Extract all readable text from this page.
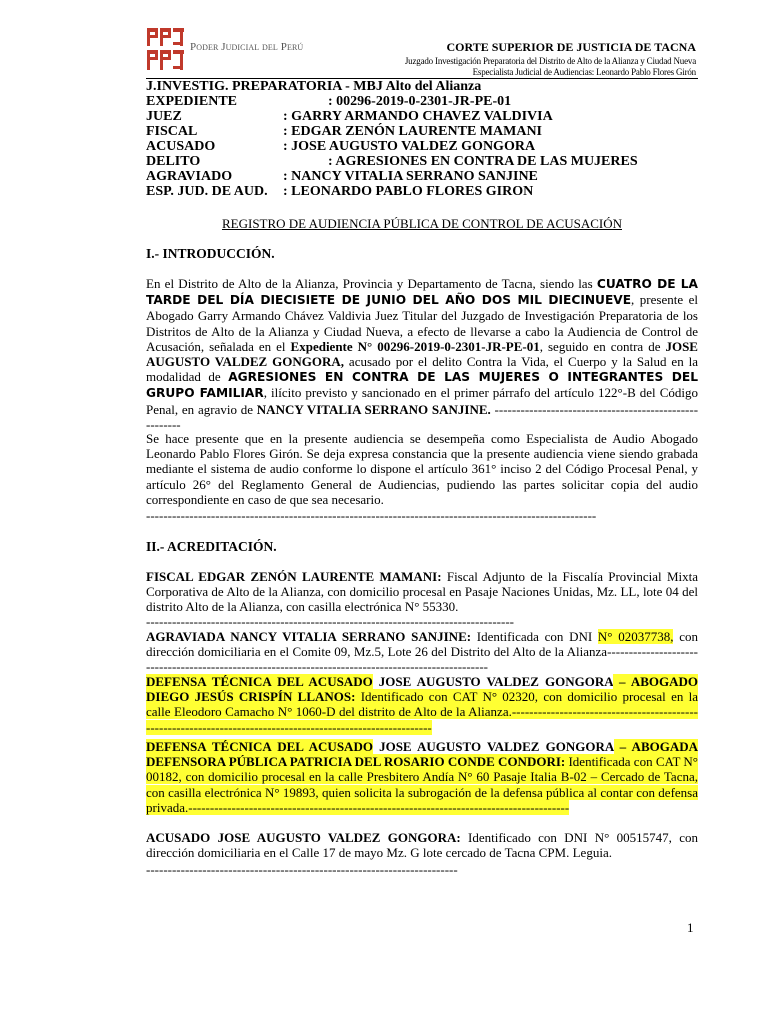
Poder Judicial del Perú	CORTE SUPERIOR DE JUSTICIA DE TACNA
Juzgado Investigación Preparatoria del Distrito de Alto de la Alianza y Ciudad Nueva
Especialista Judicial de Audiencias: Leonardo Pablo Flores Girón
J.INVESTIG. PREPARATORIA - MBJ Alto del Alianza
EXPEDIENTE	: 00296-2019-0-2301-JR-PE-01
JUEZ	: GARRY ARMANDO CHAVEZ VALDIVIA
FISCAL	: EDGAR ZENÓN LAURENTE MAMANI
ACUSADO	: JOSE AUGUSTO VALDEZ GONGORA
DELITO	: AGRESIONES EN CONTRA DE LAS MUJERES
AGRAVIADO	: NANCY VITALIA SERRANO SANJINE
ESP. JUD. DE AUD. : LEONARDO PABLO FLORES GIRON
REGISTRO DE AUDIENCIA PÚBLICA DE CONTROL DE ACUSACIÓN
I.- INTRODUCCIÓN.
En el Distrito de Alto de la Alianza, Provincia y Departamento de Tacna, siendo las CUATRO DE LA TARDE DEL DÍA DIECISIETE DE JUNIO DEL AÑO DOS MIL DIECINUEVE, presente el Abogado Garry Armando Chávez Valdivia Juez Titular del Juzgado de Investigación Preparatoria de los Distritos de Alto de la Alianza y Ciudad Nueva, a efecto de llevarse a cabo la Audiencia de Control de Acusación, señalada en el Expediente N° 00296-2019-0-2301-JR-PE-01, seguido en contra de JOSE AUGUSTO VALDEZ GONGORA, acusado por el delito Contra la Vida, el Cuerpo y la Salud en la modalidad de AGRESIONES EN CONTRA DE LAS MUJERES O INTEGRANTES DEL GRUPO FAMILIAR, ilícito previsto y sancionado en el primer párrafo del artículo 122°-B del Código Penal, en agravio de NANCY VITALIA SERRANO SANJINE. -------------------------------------------------------
Se hace presente que en la presente audiencia se desempeña como Especialista de Audio Abogado Leonardo Pablo Flores Girón. Se deja expresa constancia que la presente audiencia viene siendo grabada mediante el sistema de audio conforme lo dispone el artículo 361° inciso 2 del Código Procesal Penal, y artículo 26° del Reglamento General de Audiencias, pudiendo las partes solicitar copia del audio correspondiente en caso de que sea necesario.
--------------------------------------------------------------------------------------------------------
II.- ACREDITACIÓN.
FISCAL EDGAR ZENÓN LAURENTE MAMANI: Fiscal Adjunto de la Fiscalía Provincial Mixta Corporativa de Alto de la Alianza, con domicilio procesal en Pasaje Naciones Unidas, Mz. LL, lote 04 del distrito Alto de la Alianza, con casilla electrónica N° 55330.
-------------------------------------------------------------------------------------
AGRAVIADA NANCY VITALIA SERRANO SANJINE: Identificada con DNI N° 02037738, con dirección domiciliaria en el Comite 09, Mz.5, Lote 26 del Distrito del Alto de la Alianza----------------------------------------------------------------------------------------------------
DEFENSA TÉCNICA DEL ACUSADO JOSE AUGUSTO VALDEZ GONGORA – ABOGADO DIEGO JESÚS CRISPÍN LLANOS: Identificado con CAT N° 02320, con domicilio procesal en la calle Eleodoro Camacho N° 1060-D del distrito de Alto de la Alianza.-------------------------------------------------------------------------------------------------------------
DEFENSA TÉCNICA DEL ACUSADO JOSE AUGUSTO VALDEZ GONGORA – ABOGADA DEFENSORA PÚBLICA PATRICIA DEL ROSARIO CONDE CONDORI: Identificada con CAT N° 00182, con domicilio procesal en la calle Presbitero Andía N° 60 Pasaje Italia B-02 – Cercado de Tacna, con casilla electrónica N° 19893, quien solicita la subrogación de la defensa pública al contar con defensa privada.----------------------------------------------------------------------------------------
ACUSADO JOSE AUGUSTO VALDEZ GONGORA: Identificado con DNI N° 00515747, con dirección domiciliaria en el Calle 17 de mayo Mz. G lote cercado de Tacna CPM. Leguia.
------------------------------------------------------------------------
1
